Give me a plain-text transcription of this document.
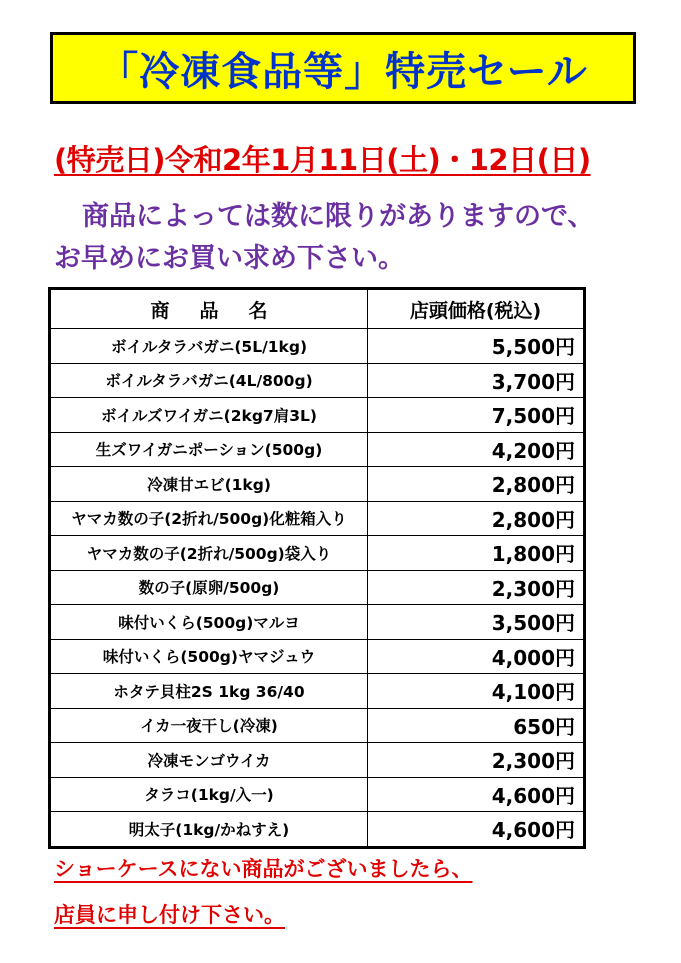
「冷凍食品等」特売セール
(特売日)令和2年1月11日(土)・12日(日)
商品によっては数に限りがありますので、
お早めにお買い求め下さい。
商品名	店頭価格(税込)
ボイルタラバガニ(5L/1kg)	5,500円
ボイルタラバガニ(4L/800g)	3,700円
ボイルズワイガニ(2kg7肩3L)	7,500円
生ズワイガニポーション(500g)	4,200円
冷凍甘エビ(1kg)	2,800円
ヤマカ数の子(2折れ/500g)化粧箱入り	2,800円
ヤマカ数の子(2折れ/500g)袋入り	1,800円
数の子(原卵/500g)	2,300円
味付いくら(500g)マルヨ	3,500円
味付いくら(500g)ヤマジュウ	4,000円
ホタテ貝柱2S 1kg 36/40	4,100円
イカ一夜干し(冷凍)	650円
冷凍モンゴウイカ	2,300円
タラコ(1kg/入一)	4,600円
明太子(1kg/かねすえ)	4,600円
ショーケースにない商品がございましたら、
店員に申し付け下さい。
